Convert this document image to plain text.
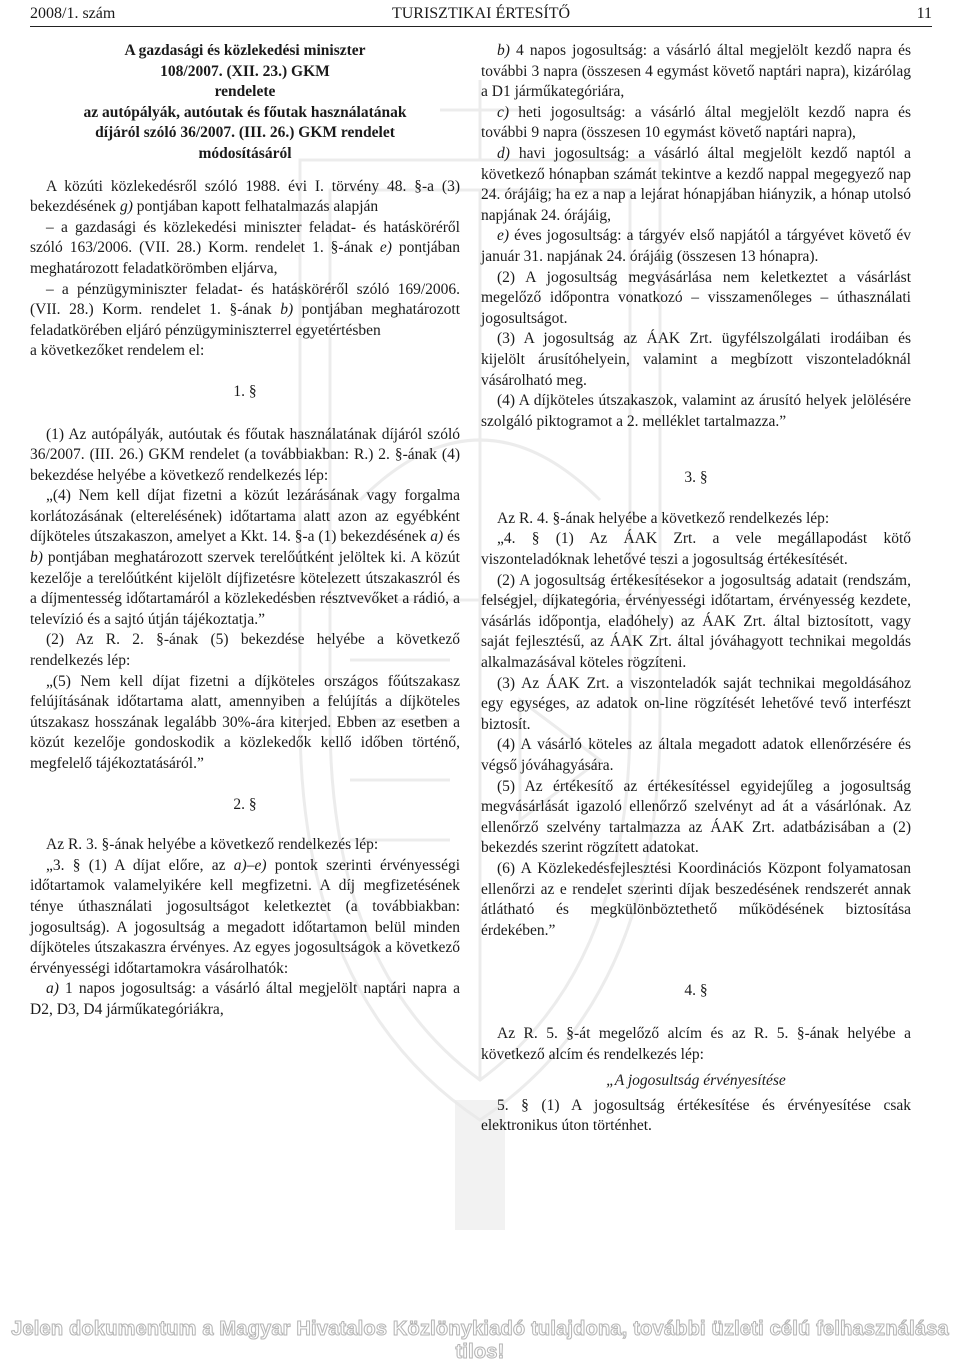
2008/1. szám	TURISZTIKAI ÉRTESÍTŐ	11
A gazdasági és közlekedési miniszter
108/2007. (XII. 23.) GKM
rendelete
az autópályák, autóutak és főutak használatának
díjáról szóló 36/2007. (III. 26.) GKM rendelet
módosításáról

A közúti közlekedésről szóló 1988. évi I. törvény 48. §-a (3) bekezdésének g) pontjában kapott felhatalmazás alapján

– a gazdasági és közlekedési miniszter feladat- és hatásköréről szóló 163/2006. (VII. 28.) Korm. rendelet 1. §-ának e) pontjában meghatározott feladatkörömben eljárva,

– a pénzügyminiszter feladat- és hatásköréről szóló 169/2006. (VII. 28.) Korm. rendelet 1. §-ának b) pontjában meghatározott feladatkörében eljáró pénzügyminiszterrel egyetértésben

a következőket rendelem el:

1. §

(1) Az autópályák, autóutak és főutak használatának díjáról szóló 36/2007. (III. 26.) GKM rendelet (a továbbiakban: R.) 2. §-ának (4) bekezdése helyébe a következő rendelkezés lép:

„(4) Nem kell díjat fizetni a közút lezárásának vagy forgalma korlátozásának (elterelésének) időtartama alatt azon az egyébként díjköteles útszakaszon, amelyet a Kkt. 14. §-a (1) bekezdésének a) és b) pontjában meghatározott szervek terelőútként jelöltek ki. A közút kezelője a terelőútként kijelölt díjfizetésre kötelezett útszakaszról és a díjmentesség időtartamáról a közlekedésben résztvevőket a rádió, a televízió és a sajtó útján tájékoztatja.”

(2) Az R. 2. §-ának (5) bekezdése helyébe a következő rendelkezés lép:

„(5) Nem kell díjat fizetni a díjköteles országos főútszakasz felújításának időtartama alatt, amennyiben a felújítás a díjköteles útszakasz hosszának legalább 30%-ára kiterjed. Ebben az esetben a közút kezelője gondoskodik a közlekedők kellő időben történő, megfelelő tájékoztatásáról.”

2. §

Az R. 3. §-ának helyébe a következő rendelkezés lép:

„3. § (1) A díjat előre, az a)–e) pontok szerinti érvényességi időtartamok valamelyikére kell megfizetni. A díj megfizetésének ténye úthasználati jogosultságot keletkeztet (a továbbiakban: jogosultság). A jogosultság a megadott időtartamon belül minden díjköteles útszakaszra érvényes. Az egyes jogosultságok a következő érvényességi időtartamokra vásárolhatók:

a) 1 napos jogosultság: a vásárló által megjelölt naptári napra a D2, D3, D4 járműkategóriákra,

b) 4 napos jogosultság: a vásárló által megjelölt kezdő napra és további 3 napra (összesen 4 egymást követő naptári napra), kizárólag a D1 járműkategóriára,

c) heti jogosultság: a vásárló által megjelölt kezdő napra és további 9 napra (összesen 10 egymást követő naptári napra),

d) havi jogosultság: a vásárló által megjelölt kezdő naptól a következő hónapban számát tekintve a kezdő nappal megegyező nap 24. órájáig; ha ez a nap a lejárat hónapjában hiányzik, a hónap utolsó napjának 24. órájáig,

e) éves jogosultság: a tárgyév első napjától a tárgyévet követő év január 31. napjának 24. órájáig (összesen 13 hónapra).

(2) A jogosultság megvásárlása nem keletkeztet a vásárlást megelőző időpontra vonatkozó – visszamenőleges – úthasználati jogosultságot.

(3) A jogosultság az ÁAK Zrt. ügyfélszolgálati irodáiban és kijelölt árusítóhelyein, valamint a megbízott viszonteladóknál vásárolható meg.

(4) A díjköteles útszakaszok, valamint az árusító helyek jelölésére szolgáló piktogramot a 2. melléklet tartalmazza.”

3. §

Az R. 4. §-ának helyébe a következő rendelkezés lép:

„4. § (1) Az ÁAK Zrt. a vele megállapodást kötő viszonteladóknak lehetővé teszi a jogosultság értékesítését.

(2) A jogosultság értékesítésekor a jogosultság adatait (rendszám, felségjel, díjkategória, érvényességi időtartam, érvényesség kezdete, vásárlás időpontja, eladóhely) az ÁAK Zrt. által biztosított, vagy saját fejlesztésű, az ÁAK Zrt. által jóváhagyott technikai megoldás alkalmazásával köteles rögzíteni.

(3) Az ÁAK Zrt. a viszonteladók saját technikai megoldásához egy egységes, az adatok on-line rögzítését lehetővé tevő interfészt biztosít.

(4) A vásárló köteles az általa megadott adatok ellenőrzésére és végső jóváhagyására.

(5) Az értékesítő az értékesítéssel egyidejűleg a jogosultság megvásárlását igazoló ellenőrző szelvényt ad át a vásárlónak. Az ellenőrző szelvény tartalmazza az ÁAK Zrt. adatbázisában a (2) bekezdés szerint rögzített adatokat.

(6) A Közlekedésfejlesztési Koordinációs Központ folyamatosan ellenőrzi az e rendelet szerinti díjak beszedésének rendszerét annak átlátható és megkülönböztethető működésének biztosítása érdekében.”

4. §

Az R. 5. §-át megelőző alcím és az R. 5. §-ának helyébe a következő alcím és rendelkezés lép:

„A jogosultság érvényesítése

5. § (1) A jogosultság értékesítése és érvényesítése csak elektronikus úton történhet.

Jelen dokumentum a Magyar Hivatalos Közlönykiadó tulajdona, további üzleti célú felhasználása tilos!
